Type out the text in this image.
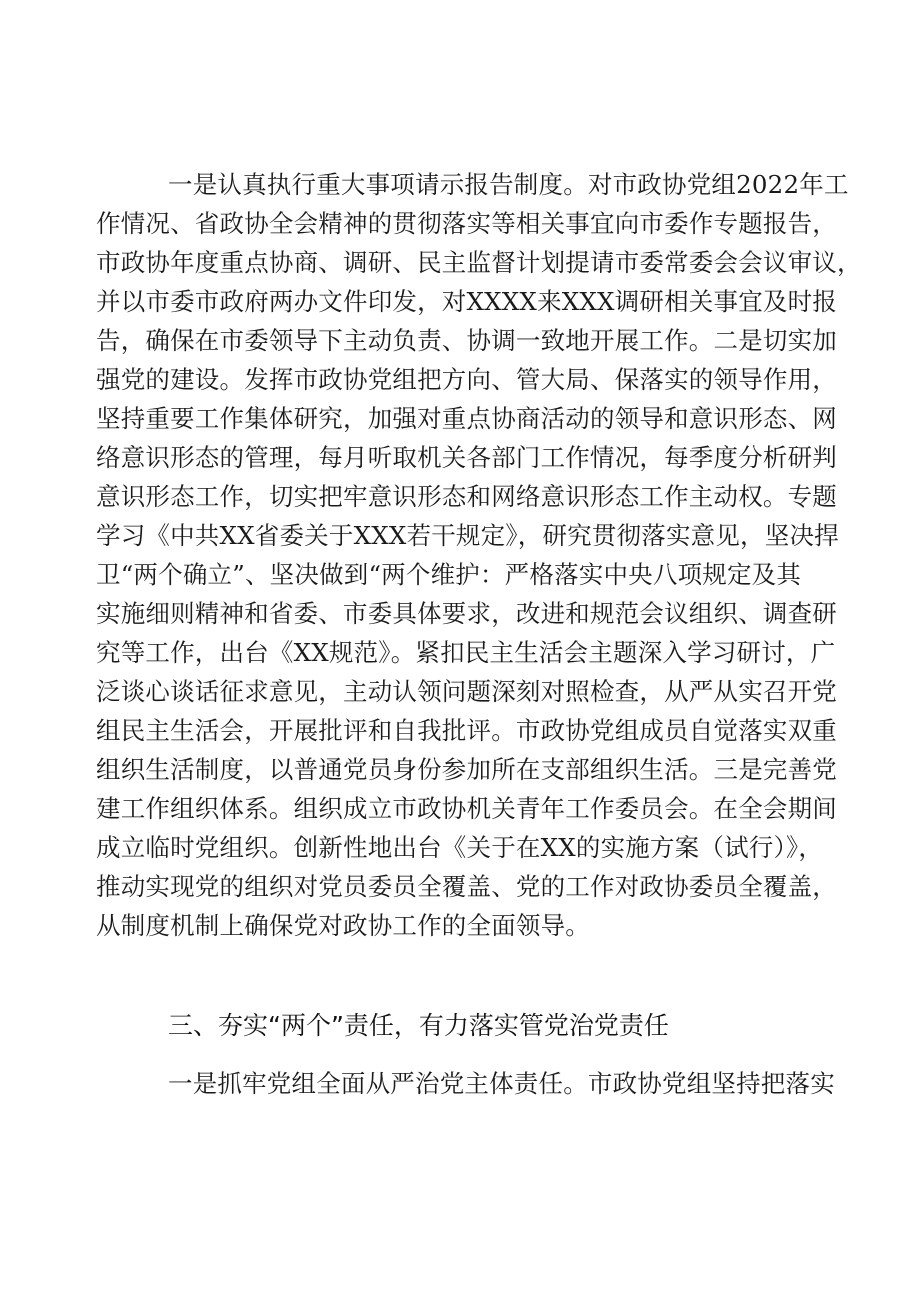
一是认真执行重大事项请示报告制度。对市政协党组2022年工
作情况、省政协全会精神的贯彻落实等相关事宜向市委作专题报告，
市政协年度重点协商、调研、民主监督计划提请市委常委会会议审议，
并以市委市政府两办文件印发，对XXXX来XXX调研相关事宜及时报
告，确保在市委领导下主动负责、协调一致地开展工作。二是切实加
强党的建设。发挥市政协党组把方向、管大局、保落实的领导作用，
坚持重要工作集体研究，加强对重点协商活动的领导和意识形态、网
络意识形态的管理，每月听取机关各部门工作情况，每季度分析研判
意识形态工作，切实把牢意识形态和网络意识形态工作主动权。专题
学习《中共XX省委关于XXX若干规定》，研究贯彻落实意见，坚决捍
卫“两个确立”、坚决做到“两个维护：严格落实中央八项规定及其
实施细则精神和省委、市委具体要求，改进和规范会议组织、调查研
究等工作，出台《XX规范》。紧扣民主生活会主题深入学习研讨，广
泛谈心谈话征求意见，主动认领问题深刻对照检查，从严从实召开党
组民主生活会，开展批评和自我批评。市政协党组成员自觉落实双重
组织生活制度，以普通党员身份参加所在支部组织生活。三是完善党
建工作组织体系。组织成立市政协机关青年工作委员会。在全会期间
成立临时党组织。创新性地出台《关于在XX的实施方案（试行）》，
推动实现党的组织对党员委员全覆盖、党的工作对政协委员全覆盖，
从制度机制上确保党对政协工作的全面领导。
三、夯实“两个”责任，有力落实管党治党责任
一是抓牢党组全面从严治党主体责任。市政协党组坚持把落实
